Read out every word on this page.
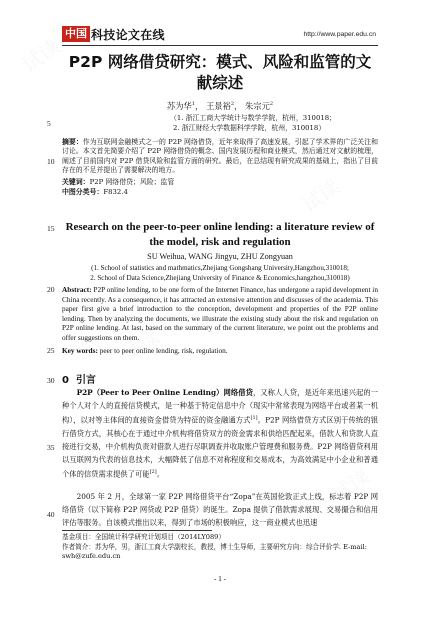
中国 科技论文在线	http://www.paper.edu.cn
P2P 网络借贷研究：模式、风险和监管的文献综述
5
10
15
20
25
30
35
40
苏为华$^1$， 王景裕$^2$， 朱宗元$^2$
（1. 浙江工商大学统计与数学学院，杭州，310018；
2. 浙江财经大学数据科学学院，杭州，310018）
摘要：作为互联网金融模式之一的 P2P 网络借贷，近年来取得了高速发展，引起了学术界的广泛关注和讨论。本文首先简要介绍了 P2P 网络借贷的概念、国内发展历程和商业模式，然后通过对文献的梳理，阐述了目前国内对 P2P 借贷风险和监管方面的研究。最后，在总结现有研究成果的基础上，指出了目前存在的不足并提出了需要解决的地方。
关键词：P2P 网络借贷；风险；监管
中图分类号：F832.4
Research on the peer-to-peer online lending: a literature review of the model, risk and regulation
SU Weihua, WANG Jingyu, ZHU Zongyuan
(1. School of statistics and mathmatics,Zhejiang Gongshang University,Hangzhou,310018;
2. School of Data Science,Zhejiang University of Finance & Economics,hangzhou,310018)
Abstract: P2P online lending, to be one form of the Internet Finance, has undergone a rapid development in China recently. As a consequence, it has attracted an extensive attention and discusses of the academia. This paper first give a brief introduction to the conception, development and properties of the P2P online lending. Then by analyzing the documents, we illustrate the existing study about the risk and regulation on P2P online lending. At last, based on the summary of the current literature, we point out the problems and offer suggestions on them.
Key words: peer to peer online lending, risk, regulation.
0 引言
P2P（Peer to Peer Online Lending）网络借贷，又称人人贷，是近年来迅速兴起的一种个人对个人的直接信贷模式，是一种基于特定信息中介（现实中常常表现为网络平台或者某一机构），以对等主体间的直接资金借贷为特征的资金融通方式[1]。P2P 网络借贷方式区别于传统的银行借贷方式，其核心在于通过中介机构将借贷双方的资金需求和供给匹配起来，借款人和贷款人直接进行交易，中介机构负责对借款人进行尽职调查并收取账户管理费和服务费。P2P 网络借贷利用以互联网为代表的信息技术，大幅降低了信息不对称程度和交易成本，为高效满足中小企业和普通个体的信贷需求提供了可能[2]。
2005 年 2 月，全球第一家 P2P 网络借贷平台“Zopa”在英国伦敦正式上线，标志着 P2P 网络借贷（以下简称 P2P 网贷或 P2P 借贷）的诞生。Zopa 提供了借款需求展现、交易撮合和信用评估等服务。自该模式推出以来，得到了市场的积极响应，这一商业模式也迅速
基金项目：全国统计科学研究计划项目（2014LY089）
作者简介：苏为华，男，浙江工商大学副校长，教授，博士生导师，主要研究方向：综合评价学. E-mail: swh@zufe.edu.cn
- 1 -
